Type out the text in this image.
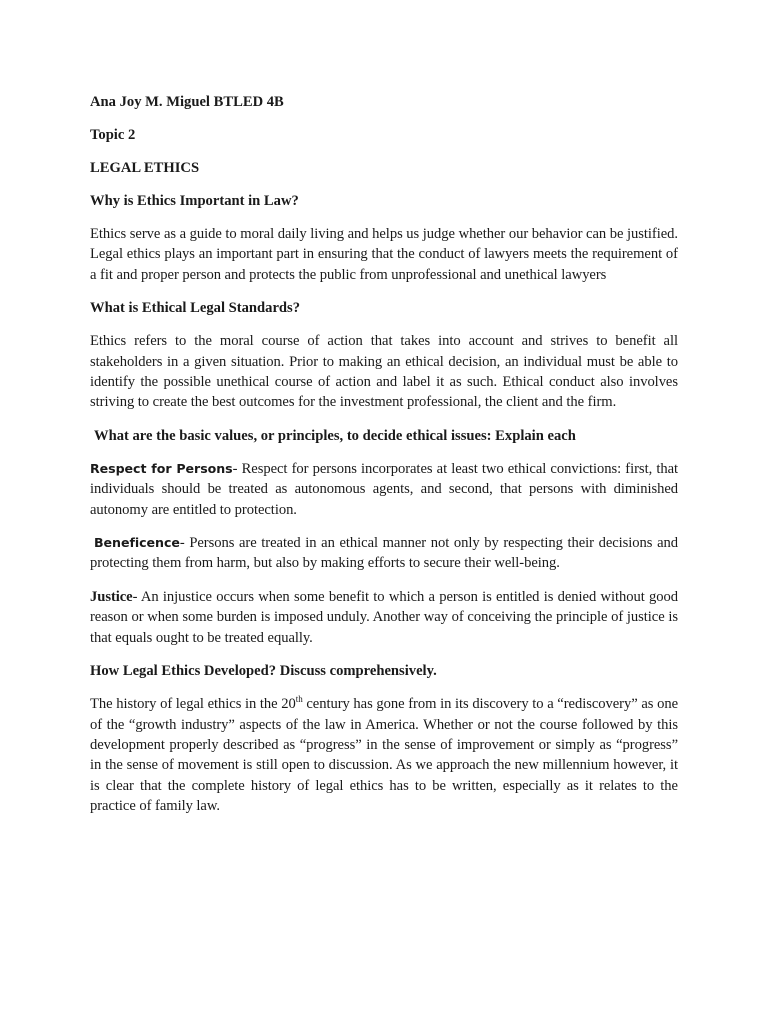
Ana Joy M. Miguel BTLED 4B
Topic 2
LEGAL ETHICS
Why is Ethics Important in Law?
Ethics serve as a guide to moral daily living and helps us judge whether our behavior can be justified. Legal ethics plays an important part in ensuring that the conduct of lawyers meets the requirement of a fit and proper person and protects the public from unprofessional and unethical lawyers
What is Ethical Legal Standards?
Ethics refers to the moral course of action that takes into account and strives to benefit all stakeholders in a given situation. Prior to making an ethical decision, an individual must be able to identify the possible unethical course of action and label it as such. Ethical conduct also involves striving to create the best outcomes for the investment professional, the client and the firm.
What are the basic values, or principles, to decide ethical issues: Explain each
Respect for Persons- Respect for persons incorporates at least two ethical convictions: first, that individuals should be treated as autonomous agents, and second, that persons with diminished autonomy are entitled to protection.
Beneficence- Persons are treated in an ethical manner not only by respecting their decisions and protecting them from harm, but also by making efforts to secure their well-being.
Justice- An injustice occurs when some benefit to which a person is entitled is denied without good reason or when some burden is imposed unduly. Another way of conceiving the principle of justice is that equals ought to be treated equally.
How Legal Ethics Developed? Discuss comprehensively.
The history of legal ethics in the 20th century has gone from in its discovery to a “rediscovery” as one of the “growth industry” aspects of the law in America. Whether or not the course followed by this development properly described as “progress” in the sense of improvement or simply as “progress” in the sense of movement is still open to discussion. As we approach the new millennium however, it is clear that the complete history of legal ethics has to be written, especially as it relates to the practice of family law.
